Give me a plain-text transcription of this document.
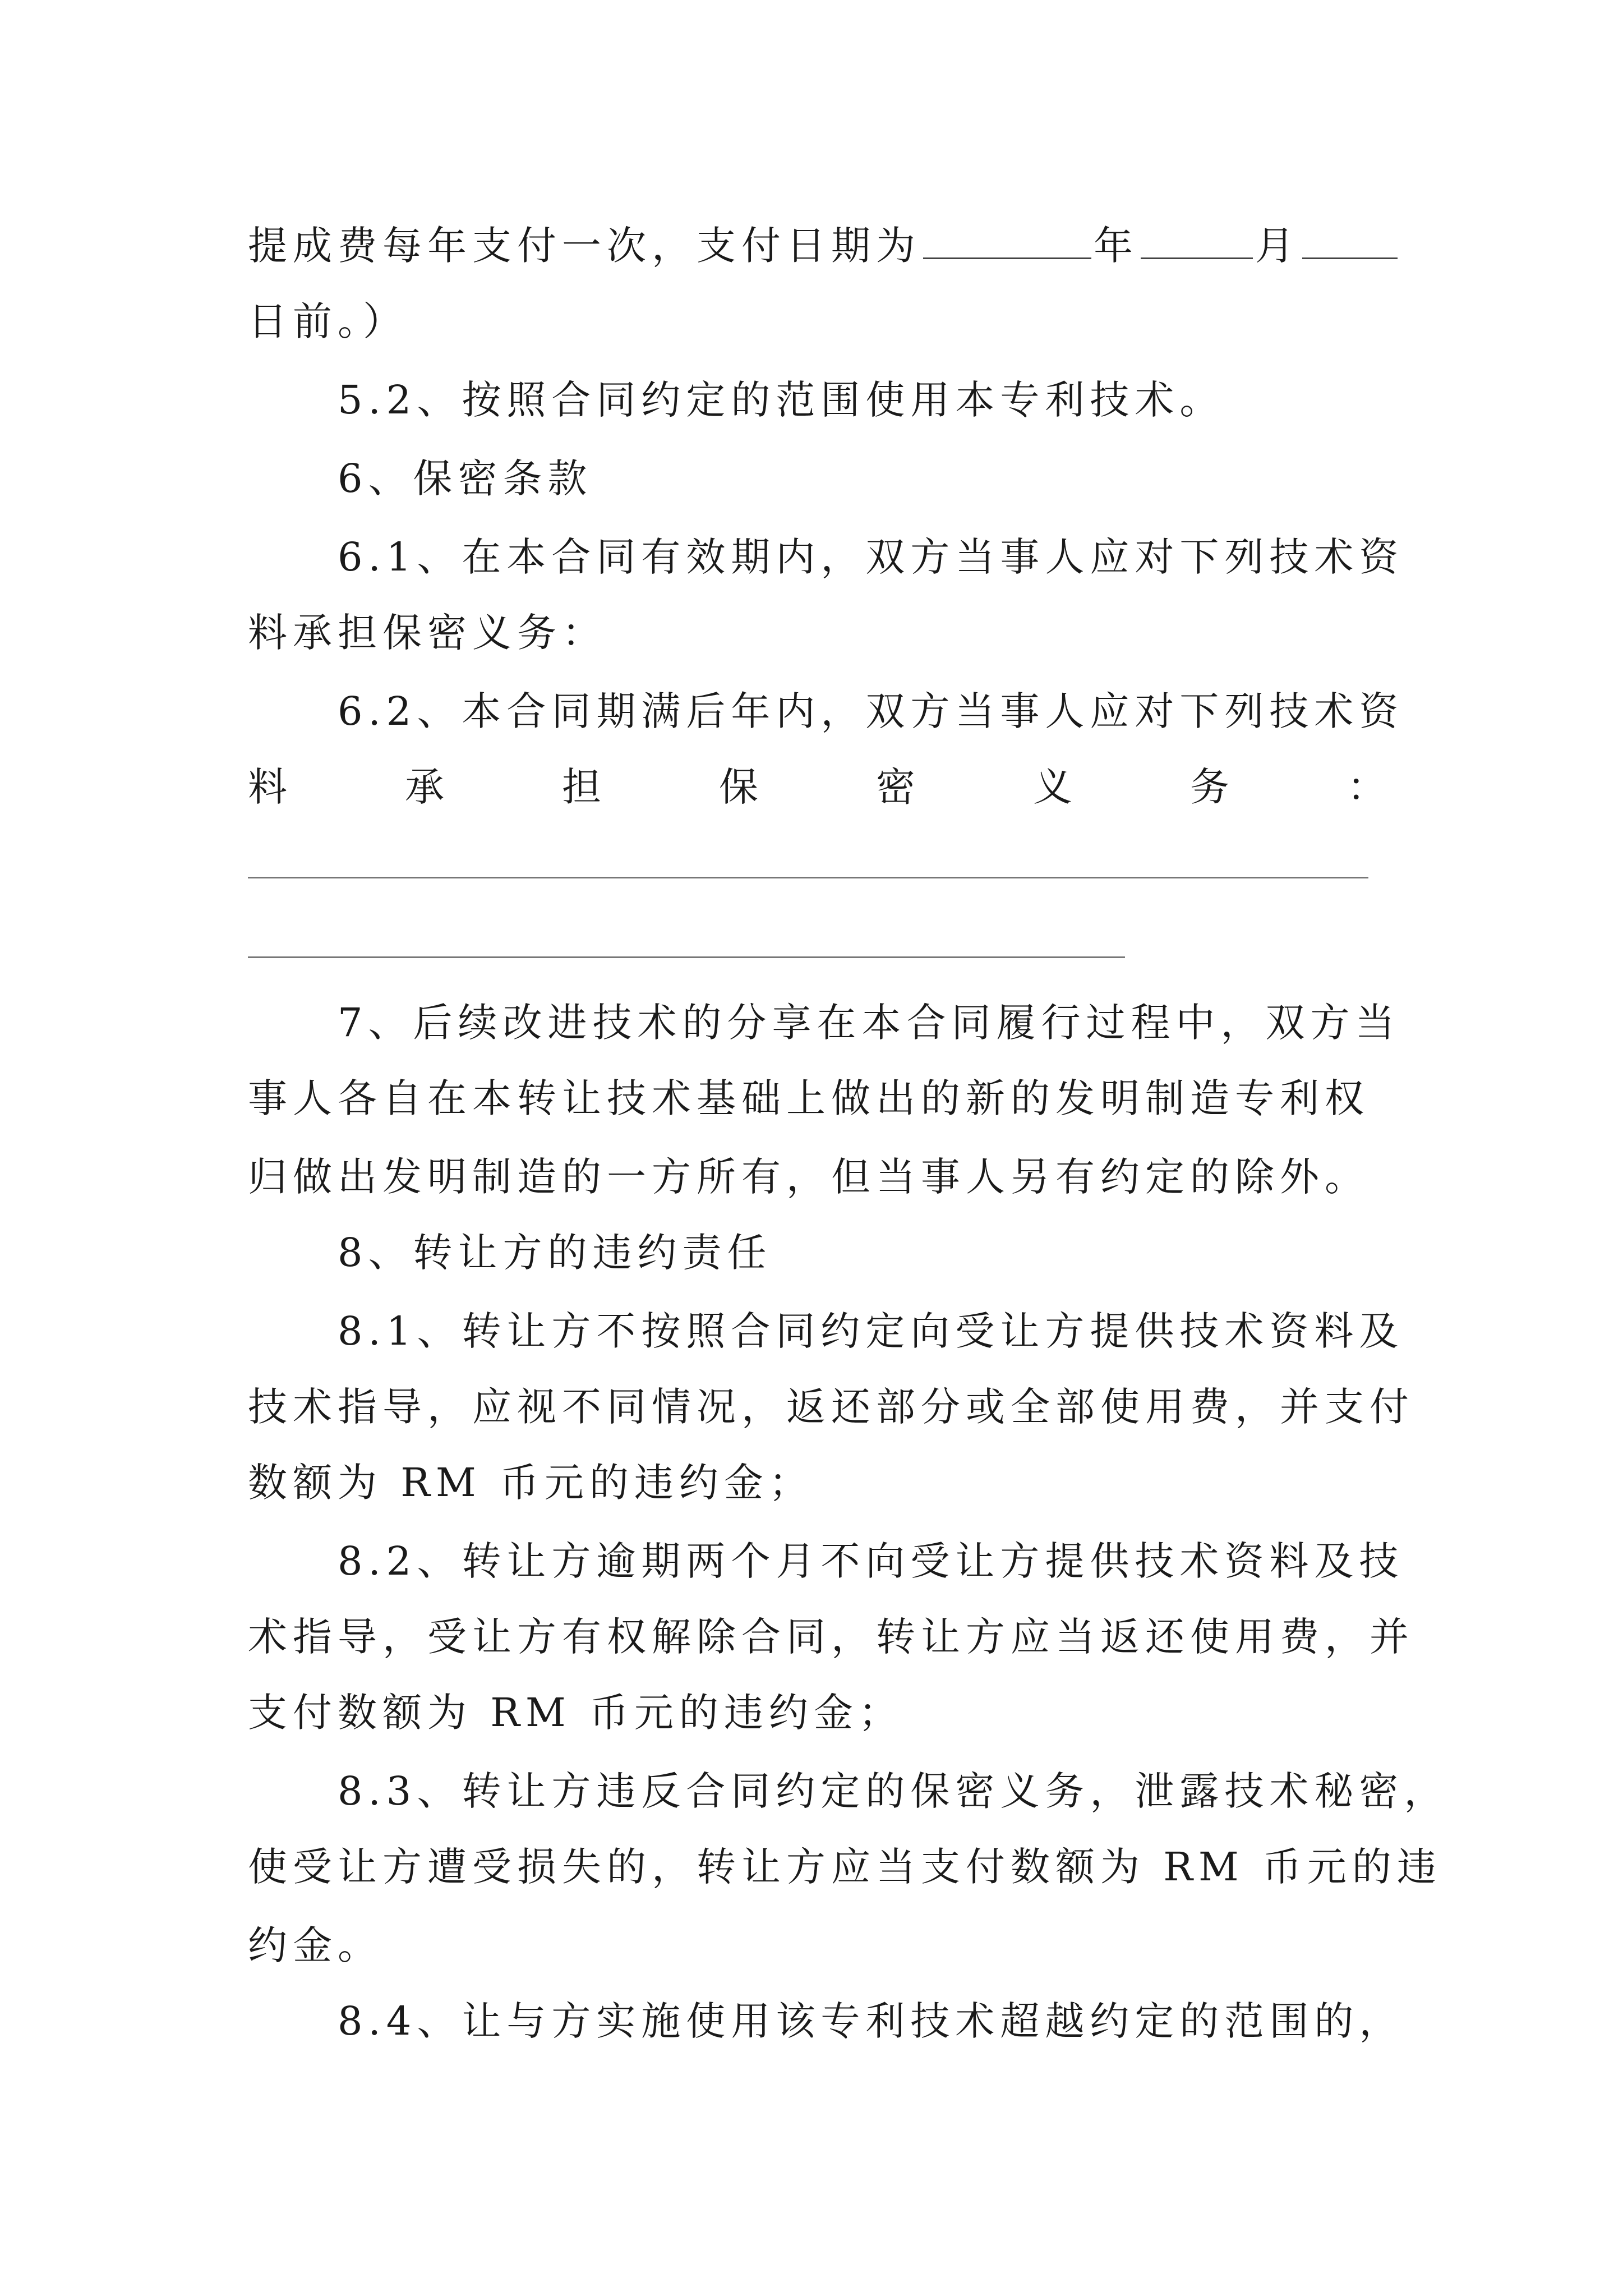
提成费每年支付一次，支付日期为	年	月
日前。）
5.2、按照合同约定的范围使用本专利技术。
6、保密条款
6.1、在本合同有效期内，双方当事人应对下列技术资
料承担保密义务：
6.2、本合同期满后年内，双方当事人应对下列技术资
料	承	担	保	密	义	务	：
7、后续改进技术的分享在本合同履行过程中，双方当
事人各自在本转让技术基础上做出的新的发明制造专利权
归做出发明制造的一方所有，但当事人另有约定的除外。
8、转让方的违约责任
8.1、转让方不按照合同约定向受让方提供技术资料及
技术指导，应视不同情况，返还部分或全部使用费，并支付
数额为 RM 币元的违约金；
8.2、转让方逾期两个月不向受让方提供技术资料及技
术指导，受让方有权解除合同，转让方应当返还使用费，并
支付数额为 RM 币元的违约金；
8.3、转让方违反合同约定的保密义务，泄露技术秘密，
使受让方遭受损失的，转让方应当支付数额为 RM 币元的违
约金。
8.4、让与方实施使用该专利技术超越约定的范围的，
